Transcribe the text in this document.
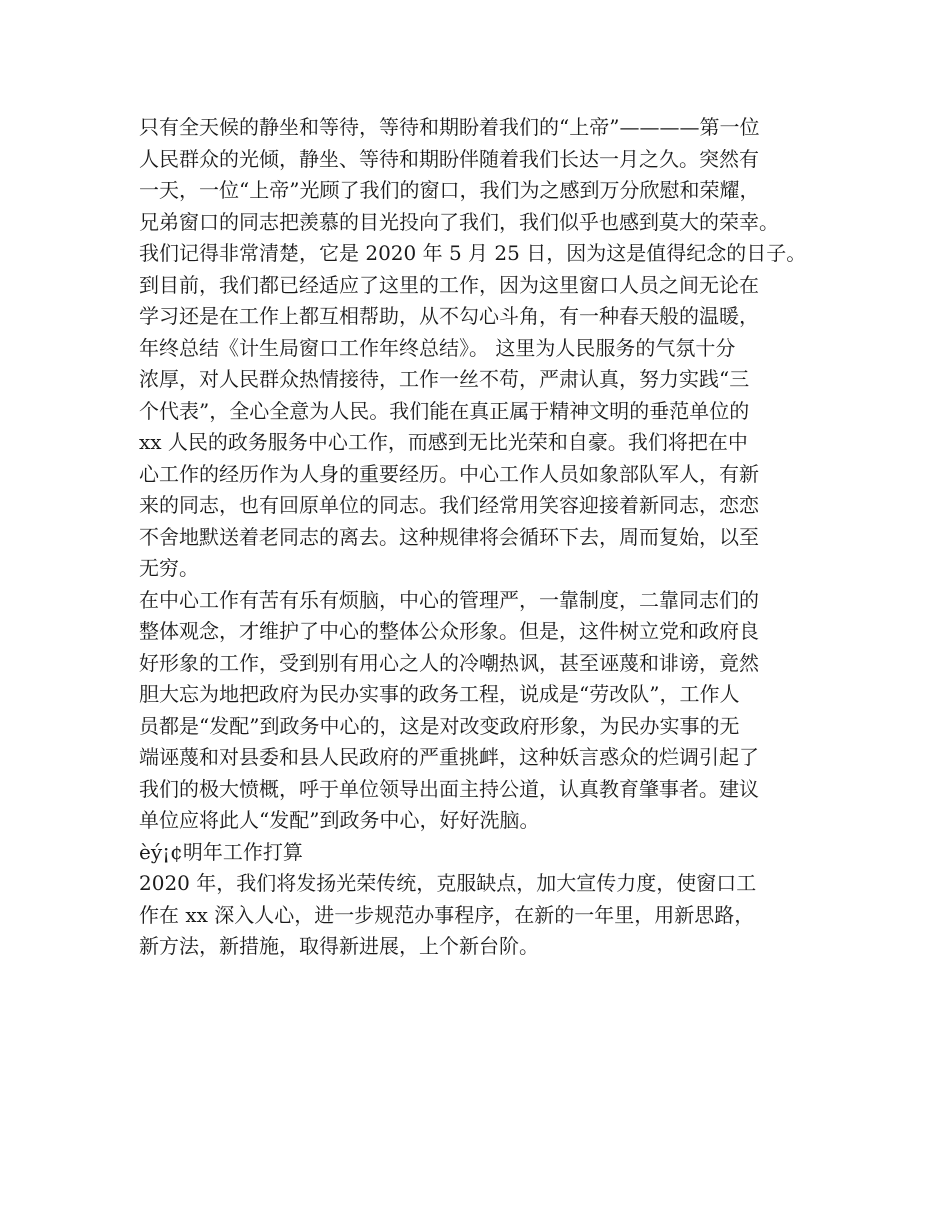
只有全天候的静坐和等待，等待和期盼着我们的“上帝”————第一位
人民群众的光倾，静坐、等待和期盼伴随着我们长达一月之久。突然有
一天，一位“上帝”光顾了我们的窗口，我们为之感到万分欣慰和荣耀，
兄弟窗口的同志把羡慕的目光投向了我们，我们似乎也感到莫大的荣幸。
我们记得非常清楚，它是 2020 年 5 月 25 日，因为这是值得纪念的日子。
到目前，我们都已经适应了这里的工作，因为这里窗口人员之间无论在
学习还是在工作上都互相帮助，从不勾心斗角，有一种春天般的温暖，
年终总结《计生局窗口工作年终总结》。 这里为人民服务的气氛十分
浓厚，对人民群众热情接待，工作一丝不苟，严肃认真，努力实践“三
个代表”，全心全意为人民。我们能在真正属于精神文明的垂范单位的
xx 人民的政务服务中心工作，而感到无比光荣和自豪。我们将把在中
心工作的经历作为人身的重要经历。中心工作人员如象部队军人，有新
来的同志，也有回原单位的同志。我们经常用笑容迎接着新同志，恋恋
不舍地默送着老同志的离去。这种规律将会循环下去，周而复始，以至
无穷。
在中心工作有苦有乐有烦脑，中心的管理严，一靠制度，二靠同志们的
整体观念，才维护了中心的整体公众形象。但是，这件树立党和政府良
好形象的工作，受到别有用心之人的冷嘲热讽，甚至诬蔑和诽谤，竟然
胆大忘为地把政府为民办实事的政务工程，说成是“劳改队”，工作人
员都是“发配”到政务中心的，这是对改变政府形象，为民办实事的无
端诬蔑和对县委和县人民政府的严重挑衅，这种妖言惑众的烂调引起了
我们的极大愤概，呼于单位领导出面主持公道，认真教育肇事者。建议
单位应将此人“发配”到政务中心，好好洗脑。
èý¡¢明年工作打算
2020 年，我们将发扬光荣传统，克服缺点，加大宣传力度，使窗口工
作在 xx 深入人心，进一步规范办事程序，在新的一年里，用新思路，
新方法，新措施，取得新进展，上个新台阶。
